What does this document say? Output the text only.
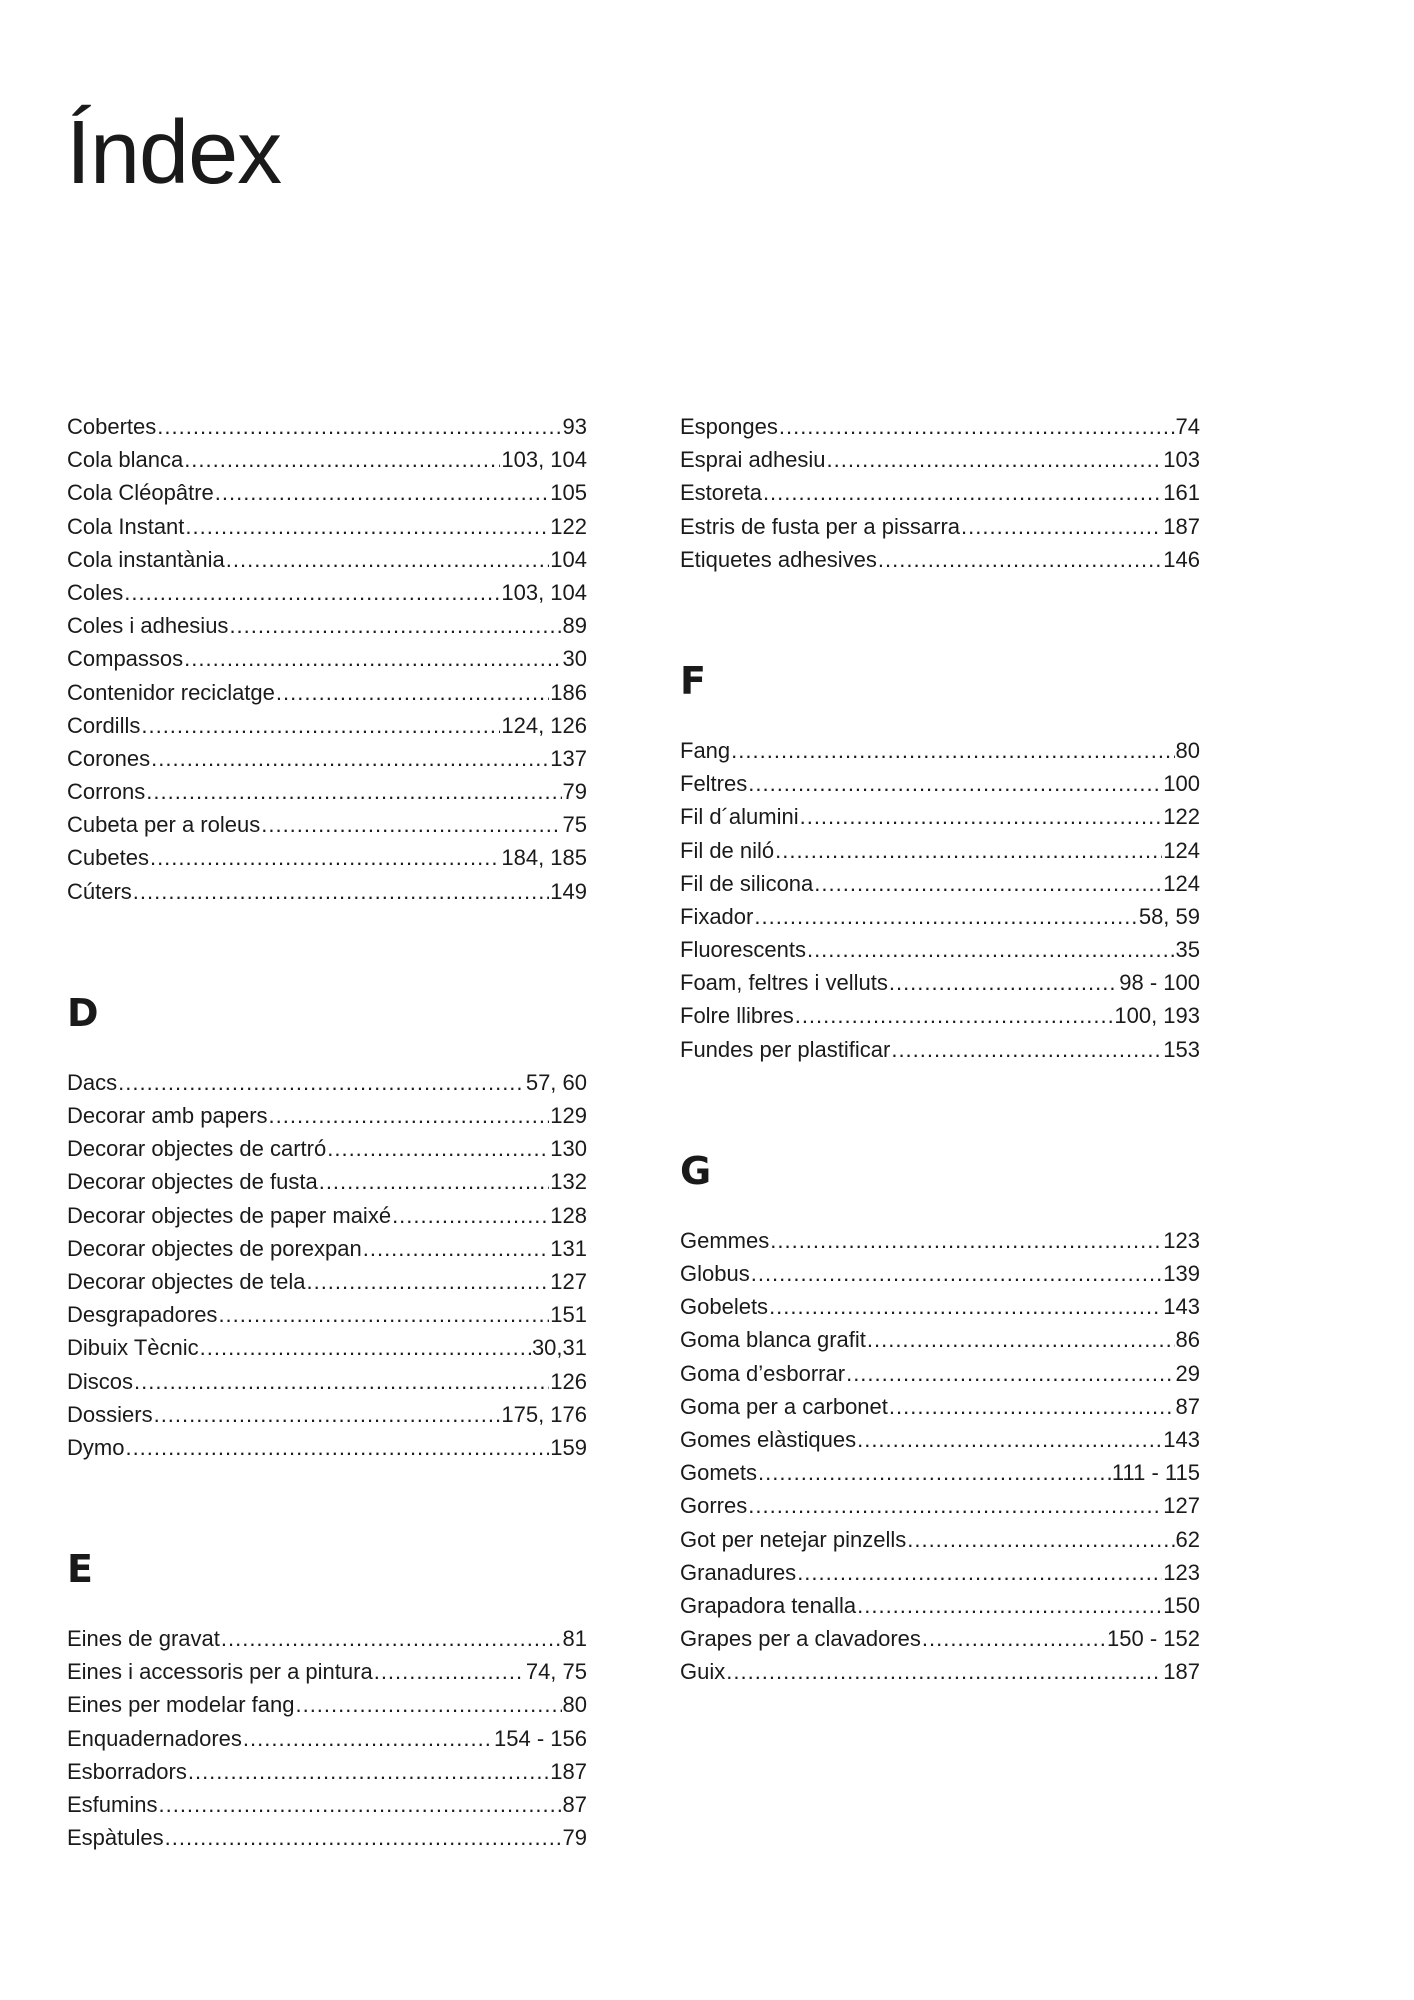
Índex
Cobertes .....	93
Cola blanca .....	103, 104
Cola Cléopâtre .....	105
Cola Instant .....	122
Cola instantània .....	104
Coles .....	103, 104
Coles i adhesius .....	89
Compassos .....	30
Contenidor reciclatge .....	186
Cordills .....	124, 126
Corones .....	137
Corrons .....	79
Cubeta per a roleus .....	75
Cubetes .....	184, 185
Cúters .....	149
D
Dacs .....	57, 60
Decorar amb papers .....	129
Decorar objectes de cartró .....	130
Decorar objectes de fusta .....	132
Decorar objectes de paper maixé .....	128
Decorar objectes de porexpan .....	131
Decorar objectes de tela .....	127
Desgrapadores .....	151
Dibuix Tècnic .....	30,31
Discos .....	126
Dossiers .....	175, 176
Dymo .....	159
E
Eines de gravat .....	81
Eines i accessoris per a pintura .....	74, 75
Eines per modelar fang .....	80
Enquadernadores .....	154 - 156
Esborradors .....	187
Esfumins .....	87
Espàtules .....	79
Esponges .....	74
Esprai adhesiu .....	103
Estoreta .....	161
Estris de fusta per a pissarra .....	187
Etiquetes adhesives .....	146
F
Fang .....	80
Feltres .....	100
Fil d´alumini .....	122
Fil de niló .....	124
Fil de silicona .....	124
Fixador .....	58, 59
Fluorescents .....	35
Foam, feltres i velluts .....	98 - 100
Folre llibres .....	100, 193
Fundes per plastificar .....	153
G
Gemmes .....	123
Globus .....	139
Gobelets .....	143
Goma blanca grafit .....	86
Goma d’esborrar .....	29
Goma per a carbonet .....	87
Gomes elàstiques .....	143
Gomets .....	111 - 115
Gorres .....	127
Got per netejar pinzells .....	62
Granadures .....	123
Grapadora tenalla .....	150
Grapes per a clavadores .....	150 - 152
Guix .....	187
